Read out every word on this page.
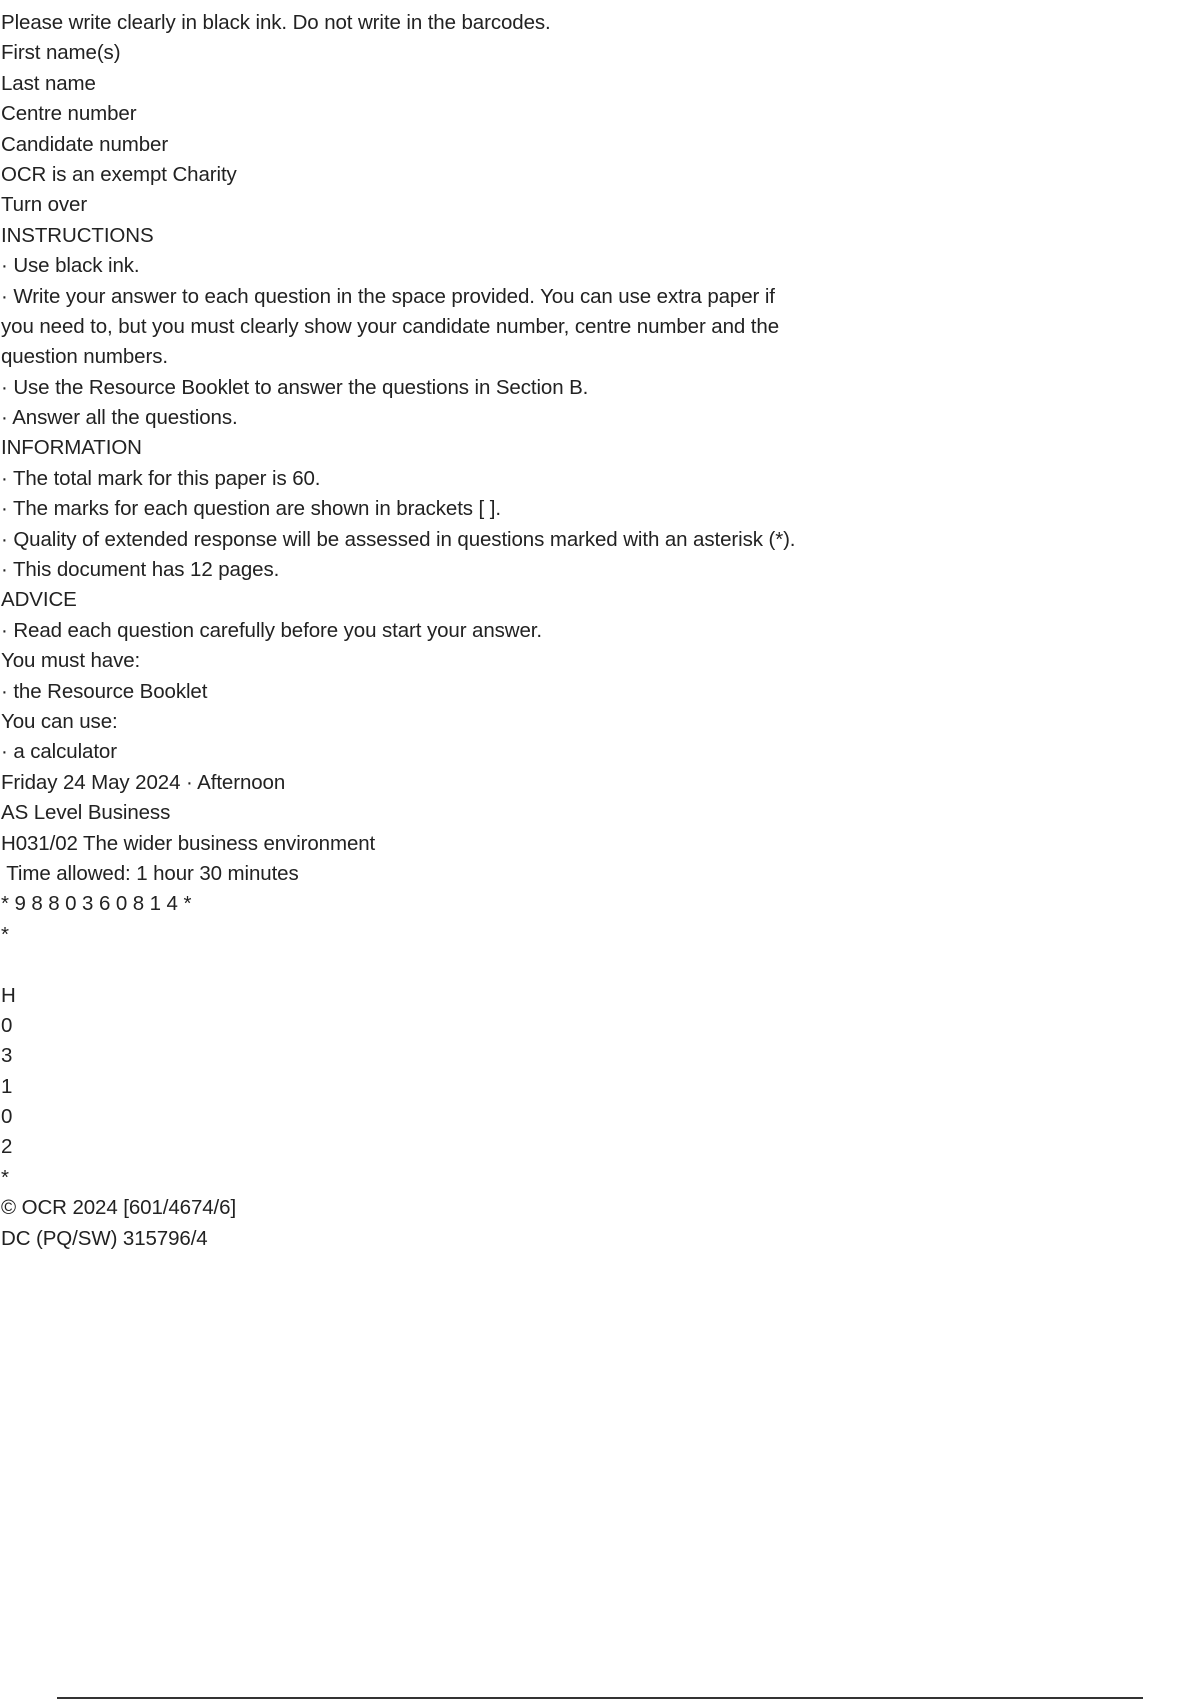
Please write clearly in black ink. Do not write in the barcodes.
First name(s)
Last name
Centre number
Candidate number
OCR is an exempt Charity
Turn over
INSTRUCTIONS
· Use black ink.
· Write your answer to each question in the space provided. You can use extra paper if
you need to, but you must clearly show your candidate number, centre number and the
question numbers.
· Use the Resource Booklet to answer the questions in Section B.
· Answer all the questions.
INFORMATION
· The total mark for this paper is 60.
· The marks for each question are shown in brackets [ ].
· Quality of extended response will be assessed in questions marked with an asterisk (*).
· This document has 12 pages.
ADVICE
· Read each question carefully before you start your answer.
You must have:
· the Resource Booklet
You can use:
· a calculator
Friday 24 May 2024 · Afternoon
AS Level Business
H031/02 The wider business environment
Time allowed: 1 hour 30 minutes
* 9 8 8 0 3 6 0 8 1 4 *
*
H
0
3
1
0
2
*
© OCR 2024 [601/4674/6]
DC (PQ/SW) 315796/4
